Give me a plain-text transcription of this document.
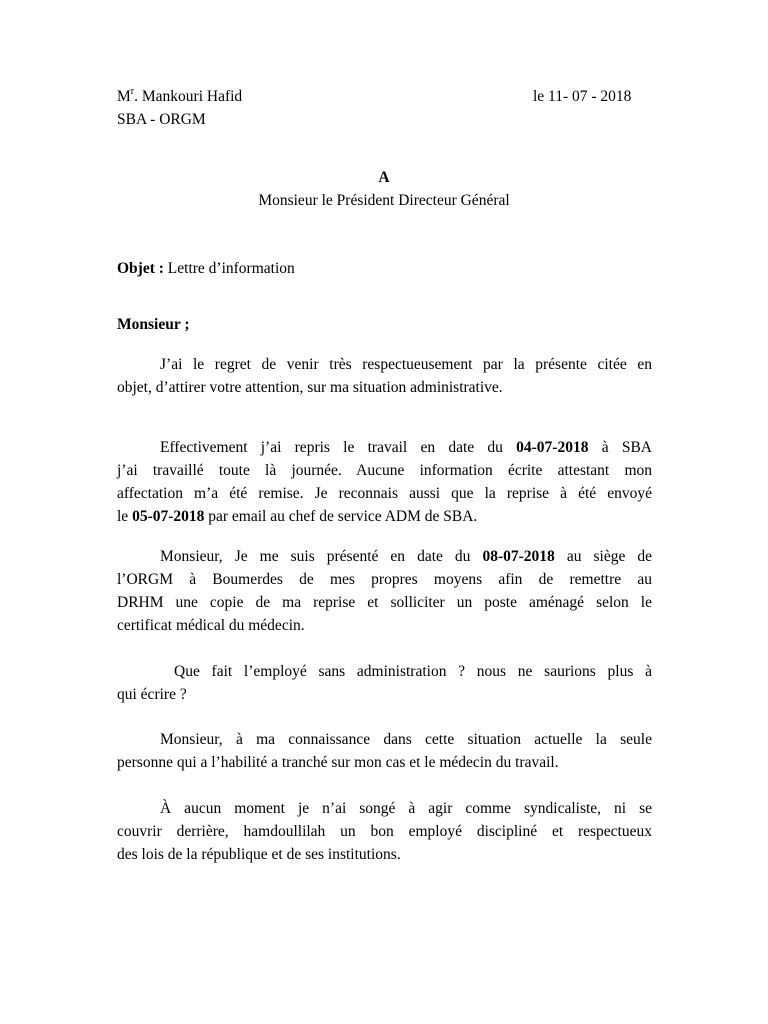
$M^r$. Mankouri Hafid
SBA - ORGM
le 11- 07 - 2018
A
Monsieur le Président Directeur Général
Objet : Lettre d’information
Monsieur ;
J’ai le regret de venir très respectueusement par la présente citée en
objet, d’attirer votre attention, sur ma situation administrative.
Effectivement j’ai repris le travail en date du 04-07-2018 à SBA
j’ai travaillé toute là journée. Aucune information écrite attestant mon
affectation m’a été remise. Je reconnais aussi que la reprise à été envoyé
le 05-07-2018 par email au chef de service ADM de SBA.
Monsieur, Je me suis présenté en date du 08-07-2018 au siège de
l’ORGM à Boumerdes de mes propres moyens afin de remettre au
DRHM une copie de ma reprise et solliciter un poste aménagé selon le
certificat médical du médecin.
Que fait l’employé sans administration ? nous ne saurions plus à
qui écrire ?
Monsieur, à ma connaissance dans cette situation actuelle la seule
personne qui a l’habilité a tranché sur mon cas et le médecin du travail.
À aucun moment je n’ai songé à agir comme syndicaliste, ni se
couvrir derrière, hamdoullilah un bon employé discipliné et respectueux
des lois de la république et de ses institutions.
